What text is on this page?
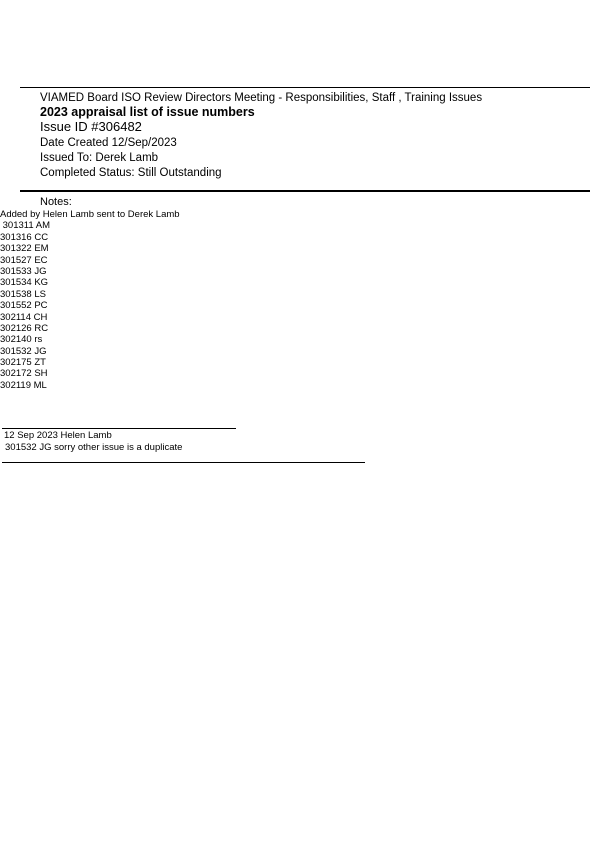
VIAMED Board ISO Review Directors Meeting - Responsibilities, Staff , Training Issues
2023 appraisal list of issue numbers
Issue ID #306482
Date Created 12/Sep/2023
Issued To: Derek Lamb
Completed Status: Still Outstanding
Notes:
Added by Helen Lamb sent to Derek Lamb
301311 AM
301316 CC
301322 EM
301527 EC
301533 JG
301534 KG
301538 LS
301552 PC
302114 CH
302126 RC
302140 rs
301532 JG
302175 ZT
302172 SH
302119 ML
12 Sep 2023 Helen Lamb
301532 JG sorry other issue is a duplicate
